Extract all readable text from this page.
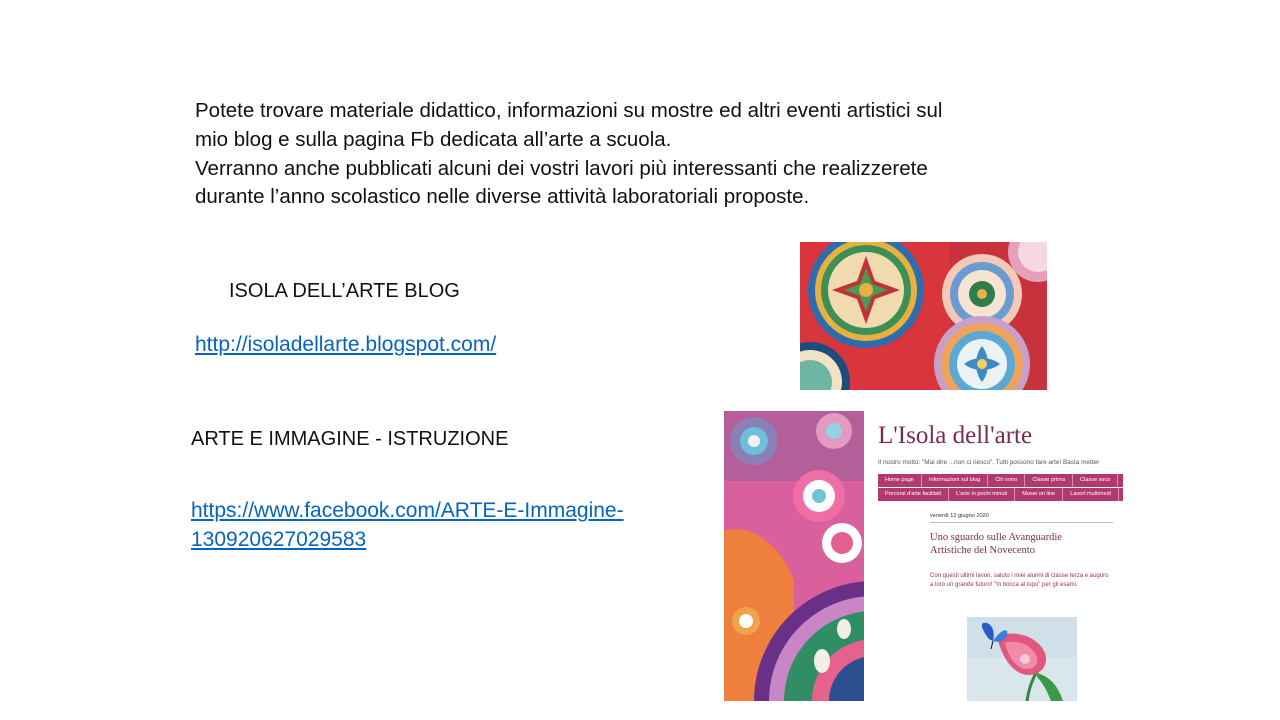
Potete trovare materiale didattico, informazioni su mostre ed altri eventi artistici sul
mio blog e sulla pagina Fb dedicata all’arte a scuola.
Verranno anche pubblicati alcuni dei vostri lavori più interessanti che realizzerete
durante l’anno scolastico nelle diverse attività laboratoriali proposte.
ISOLA DELL’ARTE BLOG
http://isoladellarte.blogspot.com/
ARTE E IMMAGINE - ISTRUZIONE
https://www.facebook.com/ARTE-E-Immagine-
130920627029583
L'Isola dell'arte
Il nostro motto: "Mai dire ...non ci riesco". Tutti possono fare arte! Basta metter
Home page	Informazioni sul blog	Chi sono	Classe prima	Classe seco
Percorsi d'arte facilitati	L'arte in pochi minuti	Musei on line	Lavori multimedi
venerdì 12 giugno 2020
Uno sguardo sulle Avanguardie
Artistiche del Novecento
Con questi ultimi lavori, saluto i miei alunni di classe terza e auguro
a loro un grande futuro! "In bocca al lupo" per gli esami.
